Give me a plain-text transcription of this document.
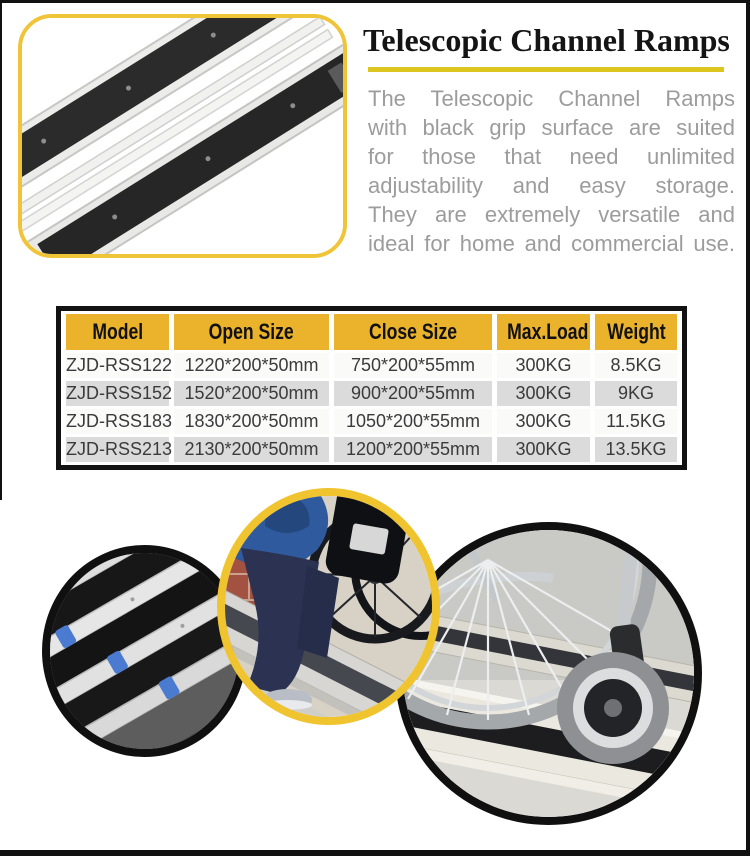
Telescopic Channel Ramps
The Telescopic Channel Ramps
with black grip surface are suited
for those that need unlimited
adjustability and easy storage.
They are extremely versatile and
ideal for home and commercial use.
Model	Open Size	Close Size	Max.Load	Weight
ZJD-RSS122	1220*200*50mm	750*200*55mm	300KG	8.5KG
ZJD-RSS152	1520*200*50mm	900*200*55mm	300KG	9KG
ZJD-RSS183	1830*200*50mm	1050*200*55mm	300KG	11.5KG
ZJD-RSS213	2130*200*50mm	1200*200*55mm	300KG	13.5KG
